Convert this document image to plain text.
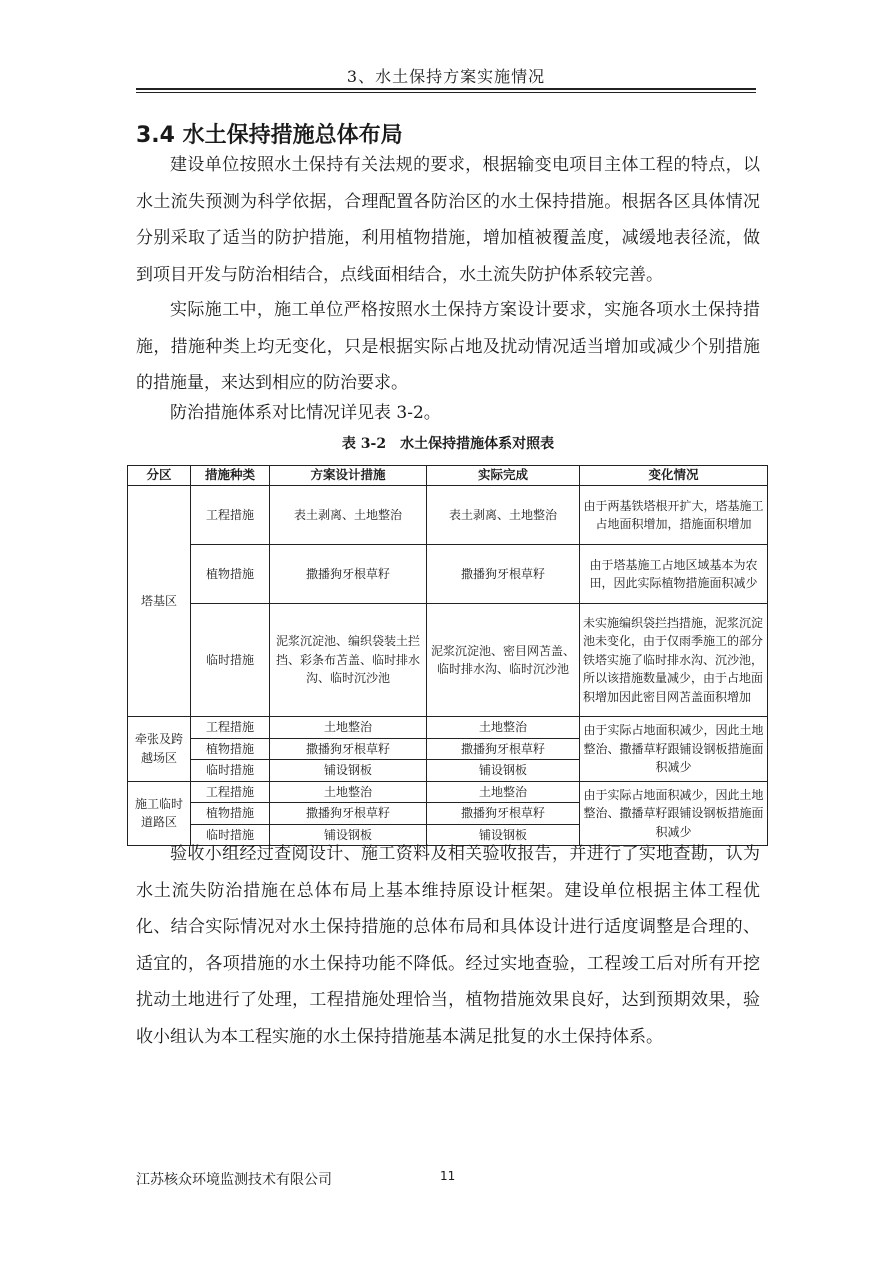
3、水土保持方案实施情况
3.4 水土保持措施总体布局

建设单位按照水土保持有关法规的要求，根据输变电项目主体工程的特点，以水土流失预测为科学依据，合理配置各防治区的水土保持措施。根据各区具体情况分别采取了适当的防护措施，利用植物措施，增加植被覆盖度，减缓地表径流，做到项目开发与防治相结合，点线面相结合，水土流失防护体系较完善。

实际施工中，施工单位严格按照水土保持方案设计要求，实施各项水土保持措施，措施种类上均无变化，只是根据实际占地及扰动情况适当增加或减少个别措施的措施量，来达到相应的防治要求。

防治措施体系对比情况详见表 3-2。

表 3-2　水土保持措施体系对照表
分区	措施种类	方案设计措施	实际完成	变化情况
塔基区	工程措施	表土剥离、土地整治	表土剥离、土地整治	由于两基铁塔根开扩大，塔基施工占地面积增加，措施面积增加
	植物措施	撒播狗牙根草籽	撒播狗牙根草籽	由于塔基施工占地区域基本为农田，因此实际植物措施面积减少
	临时措施	泥浆沉淀池、编织袋装土拦挡、彩条布苫盖、临时排水沟、临时沉沙池	泥浆沉淀池、密目网苫盖、临时排水沟、临时沉沙池	未实施编织袋拦挡措施，泥浆沉淀池未变化，由于仅雨季施工的部分铁塔实施了临时排水沟、沉沙池，所以该措施数量减少，由于占地面积增加因此密目网苫盖面积增加
牵张及跨越场区	工程措施	土地整治	土地整治	由于实际占地面积减少，因此土地整治、撒播草籽跟铺设钢板措施面积减少
	植物措施	撒播狗牙根草籽	撒播狗牙根草籽	
	临时措施	铺设钢板	铺设钢板	
施工临时道路区	工程措施	土地整治	土地整治	由于实际占地面积减少，因此土地整治、撒播草籽跟铺设钢板措施面积减少
	植物措施	撒播狗牙根草籽	撒播狗牙根草籽	
	临时措施	铺设钢板	铺设钢板	

验收小组经过查阅设计、施工资料及相关验收报告，并进行了实地查勘，认为水土流失防治措施在总体布局上基本维持原设计框架。建设单位根据主体工程优化、结合实际情况对水土保持措施的总体布局和具体设计进行适度调整是合理的、适宜的，各项措施的水土保持功能不降低。经过实地查验，工程竣工后对所有开挖扰动土地进行了处理，工程措施处理恰当，植物措施效果良好，达到预期效果，验收小组认为本工程实施的水土保持措施基本满足批复的水土保持体系。

江苏核众环境监测技术有限公司	11
